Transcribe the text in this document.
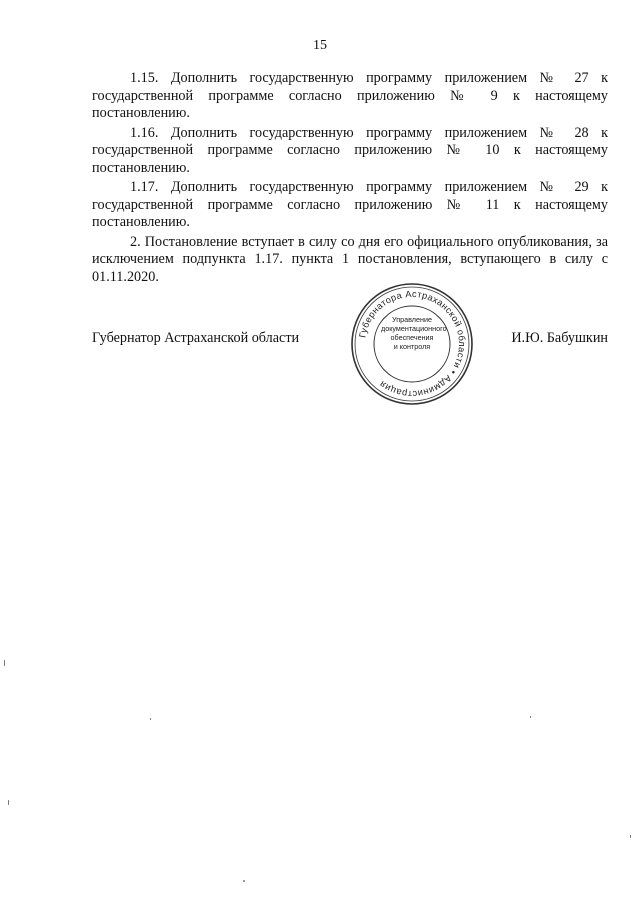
15

1.15. Дополнить государственную программу приложением № 27 к государственной программе согласно приложению № 9 к настоящему постановлению.

1.16. Дополнить государственную программу приложением № 28 к государственной программе согласно приложению № 10 к настоящему постановлению.

1.17. Дополнить государственную программу приложением № 29 к государственной программе согласно приложению № 11 к настоящему постановлению.

2. Постановление вступает в силу со дня его официального опубликования, за исключением подпункта 1.17. пункта 1 постановления, вступающего в силу с 01.11.2020.

Губернатор Астраханской области	И.Ю. Бабушкин
Губернатора Астраханской области • Администрация
Управление
документационного
обеспечения
и контроля
